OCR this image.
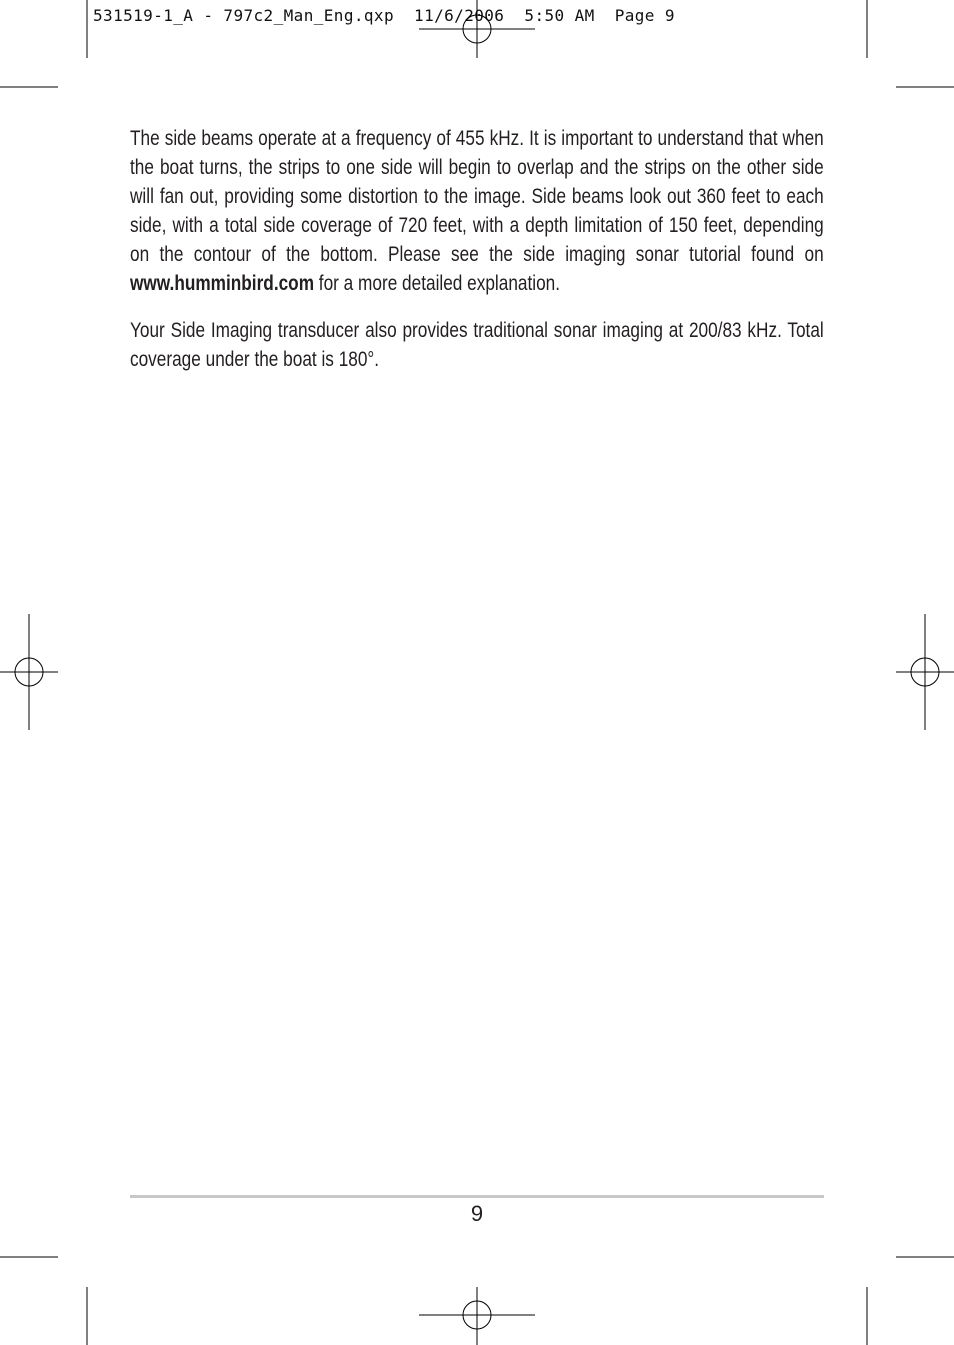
531519-1_A - 797c2_Man_Eng.qxp  11/6/2006  5:50 AM  Page 9

The side beams operate at a frequency of 455 kHz. It is important to understand that when the boat turns, the strips to one side will begin to overlap and the strips on the other side will fan out, providing some distortion to the image. Side beams look out 360 feet to each side, with a total side coverage of 720 feet, with a depth limitation of 150 feet, depending on the contour of the bottom. Please see the side imaging sonar tutorial found on www.humminbird.com for a more detailed explanation.

Your Side Imaging transducer also provides traditional sonar imaging at 200/83 kHz. Total coverage under the boat is 180°.

9
